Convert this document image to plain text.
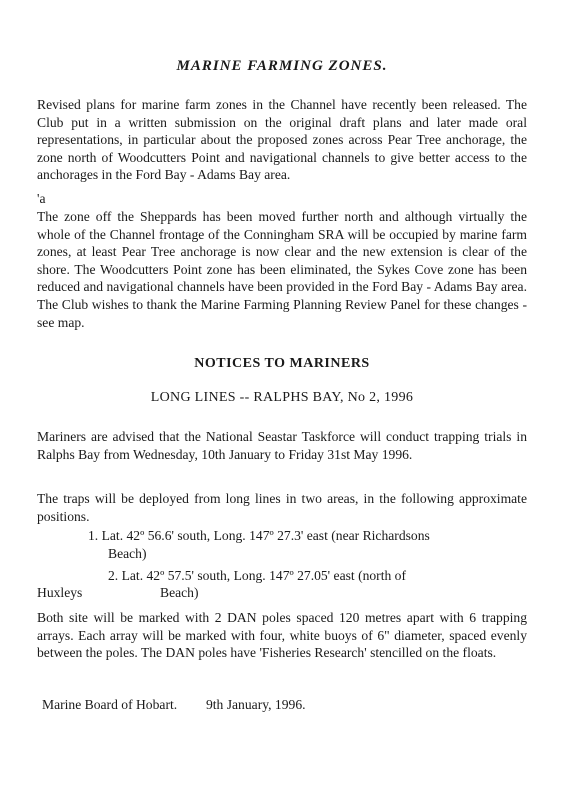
MARINE FARMING ZONES.

Revised plans for marine farm zones in the Channel have recently been released. The Club put in a written submission on the original draft plans and later made oral representations, in particular about the proposed zones across Pear Tree anchorage, the zone north of Woodcutters Point and navigational channels to give better access to the anchorages in the Ford Bay - Adams Bay area.

'a

The zone off the Sheppards has been moved further north and although virtually the whole of the Channel frontage of the Conningham SRA will be occupied by marine farm zones, at least Pear Tree anchorage is now clear and the new extension is clear of the shore. The Woodcutters Point zone has been eliminated, the Sykes Cove zone has been reduced and navigational channels have been provided in the Ford Bay - Adams Bay area. The Club wishes to thank the Marine Farming Planning Review Panel for these changes - see map.

NOTICES TO MARINERS
LONG LINES -- RALPHS BAY, No 2, 1996

Mariners are advised that the National Seastar Taskforce will conduct trapping trials in Ralphs Bay from Wednesday, 10th January to Friday 31st May 1996.

The traps will be deployed from long lines in two areas, in the following approximate positions.

1. Lat. 42º 56.6' south, Long. 147º 27.3' east (near Richardsons
Beach)
2. Lat. 42º 57.5' south, Long. 147º 27.05' east (north of
Huxleys	Beach)

Both site will be marked with 2 DAN poles spaced 120 metres apart with 6 trapping arrays. Each array will be marked with four, white buoys of 6" diameter, spaced evenly between the poles. The DAN poles have 'Fisheries Research' stencilled on the floats.

Marine Board of Hobart. 9th January, 1996.
